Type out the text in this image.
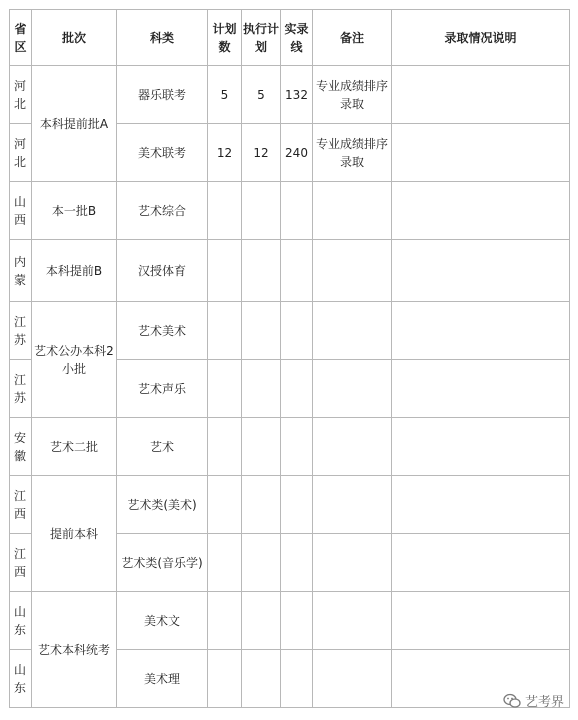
省区	批次	科类	计划数	执行计划	实录线	备注	录取情况说明
河北	本科提前批A	器乐联考	5	5	132	专业成绩排序录取	
河北		美术联考	12	12	240	专业成绩排序录取	
山西	本一批B	艺术综合					
内蒙	本科提前B	汉授体育					
江苏	艺术公办本科2小批	艺术美术					
江苏		艺术声乐					
安徽	艺术二批	艺术					
江西	提前本科	艺术类(美术)					
江西		艺术类(音乐学)					
山东	艺术本科统考	美术文					
山东		美术理					
艺考界
